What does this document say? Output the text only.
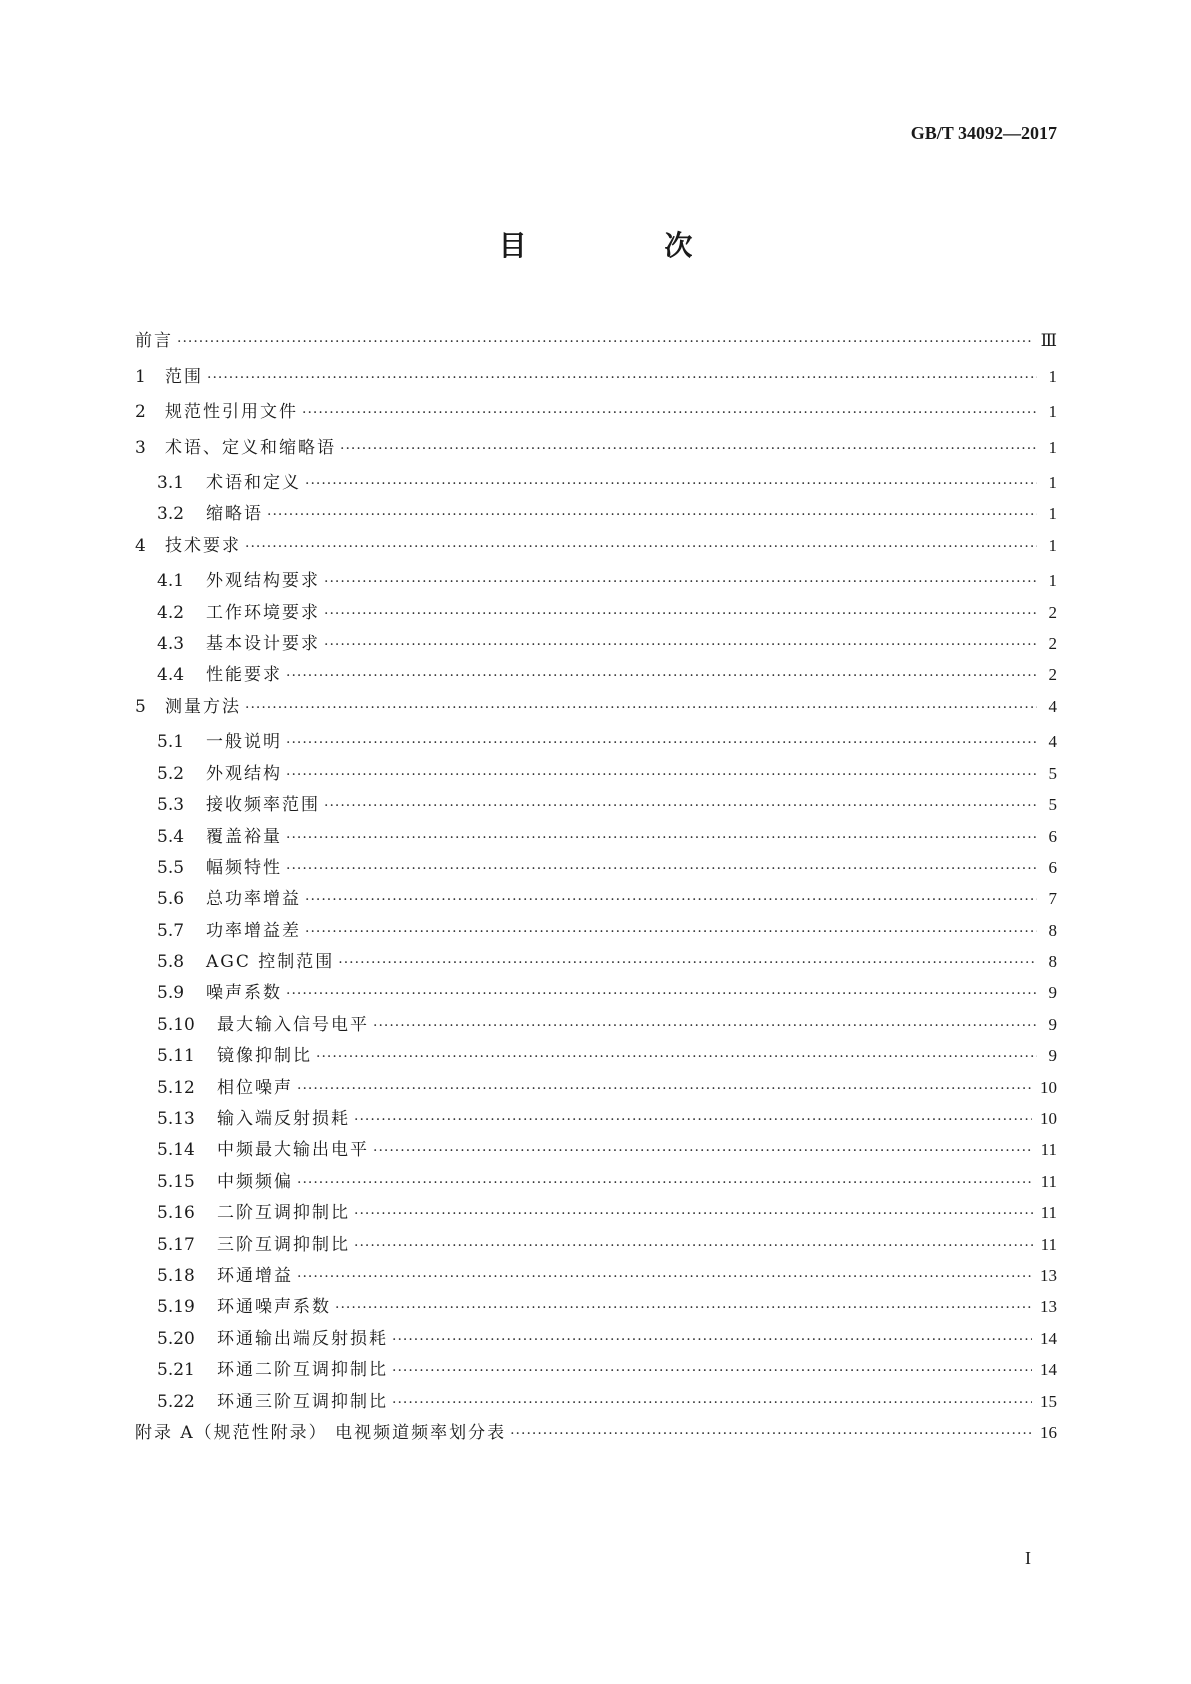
GB/T 34092—2017
目 次
前言 ·····	Ⅲ
1	范围 ·····	1
2	规范性引用文件 ·····	1
3	术语、定义和缩略语 ·····	1
3.1	术语和定义 ·····	1
3.2	缩略语 ·····	1
4	技术要求 ·····	1
4.1	外观结构要求 ·····	1
4.2	工作环境要求 ·····	2
4.3	基本设计要求 ·····	2
4.4	性能要求 ·····	2
5	测量方法 ·····	4
5.1	一般说明 ·····	4
5.2	外观结构 ·····	5
5.3	接收频率范围 ·····	5
5.4	覆盖裕量 ·····	6
5.5	幅频特性 ·····	6
5.6	总功率增益 ·····	7
5.7	功率增益差 ·····	8
5.8	AGC 控制范围 ·····	8
5.9	噪声系数 ·····	9
5.10	最大输入信号电平 ·····	9
5.11	镜像抑制比 ·····	9
5.12	相位噪声 ·····	10
5.13	输入端反射损耗 ·····	10
5.14	中频最大输出电平 ·····	11
5.15	中频频偏 ·····	11
5.16	二阶互调抑制比 ·····	11
5.17	三阶互调抑制比 ·····	11
5.18	环通增益 ·····	13
5.19	环通噪声系数 ·····	13
5.20	环通输出端反射损耗 ·····	14
5.21	环通二阶互调抑制比 ·····	14
5.22	环通三阶互调抑制比 ·····	15
附录 A（规范性附录） 电视频道频率划分表 ·····	16
I
